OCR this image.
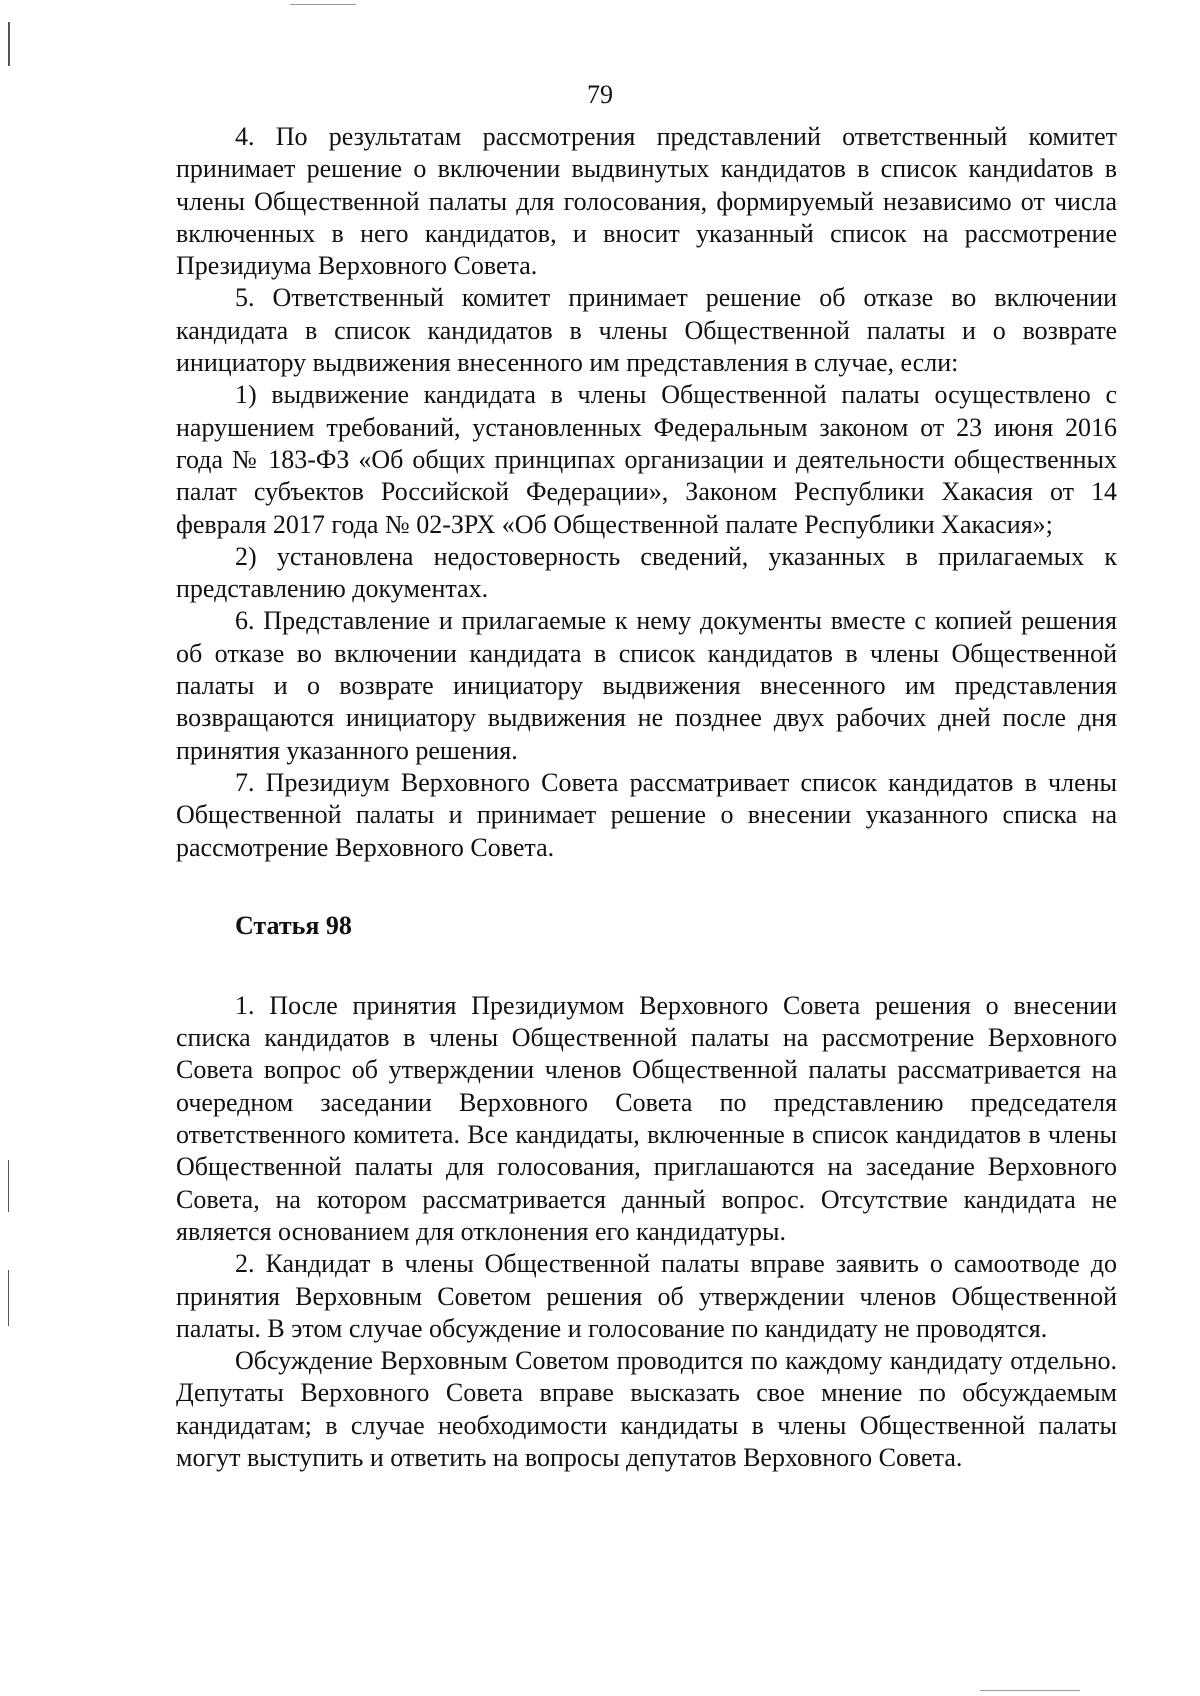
79

4. По результатам рассмотрения представлений ответственный комитет принимает решение о включении выдвинутых кандидатов в список кандиdатов в члены Общественной палаты для голосования, формируемый независимо от числа включенных в него кандидатов, и вносит указанный список на рассмотрение Президиума Верховного Совета.

5. Ответственный комитет принимает решение об отказе во включении кандидата в список кандидатов в члены Общественной палаты и о возврате инициатору выдвижения внесенного им представления в случае, если:

1) выдвижение кандидата в члены Общественной палаты осуществлено с нарушением требований, установленных Федеральным законом от 23 июня 2016 года № 183-ФЗ «Об общих принципах организации и деятельности общественных палат субъектов Российской Федерации», Законом Республики Хакасия от 14 февраля 2017 года № 02-ЗРХ «Об Общественной палате Республики Хакасия»;

2) установлена недостоверность сведений, указанных в прилагаемых к представлению документах.

6. Представление и прилагаемые к нему документы вместе с копией решения об отказе во включении кандидата в список кандидатов в члены Общественной палаты и о возврате инициатору выдвижения внесенного им представления возвращаются инициатору выдвижения не позднее двух рабочих дней после дня принятия указанного решения.

7. Президиум Верховного Совета рассматривает список кандидатов в члены Общественной палаты и принимает решение о внесении указанного списка на рассмотрение Верховного Совета.

Статья 98

1. После принятия Президиумом Верховного Совета решения о внесении списка кандидатов в члены Общественной палаты на рассмотрение Верховного Совета вопрос об утверждении членов Общественной палаты рассматривается на очередном заседании Верховного Совета по представлению председателя ответственного комитета. Все кандидаты, включенные в список кандидатов в члены Общественной палаты для голосования, приглашаются на заседание Верховного Совета, на котором рассматривается данный вопрос. Отсутствие кандидата не является основанием для отклонения его кандидатуры.

2. Кандидат в члены Общественной палаты вправе заявить о самоотводе до принятия Верховным Советом решения об утверждении членов Общественной палаты. В этом случае обсуждение и голосование по кандидату не проводятся.

Обсуждение Верховным Советом проводится по каждому кандидату отдельно. Депутаты Верховного Совета вправе высказать свое мнение по обсуждаемым кандидатам; в случае необходимости кандидаты в члены Общественной палаты могут выступить и ответить на вопросы депутатов Верховного Совета.
